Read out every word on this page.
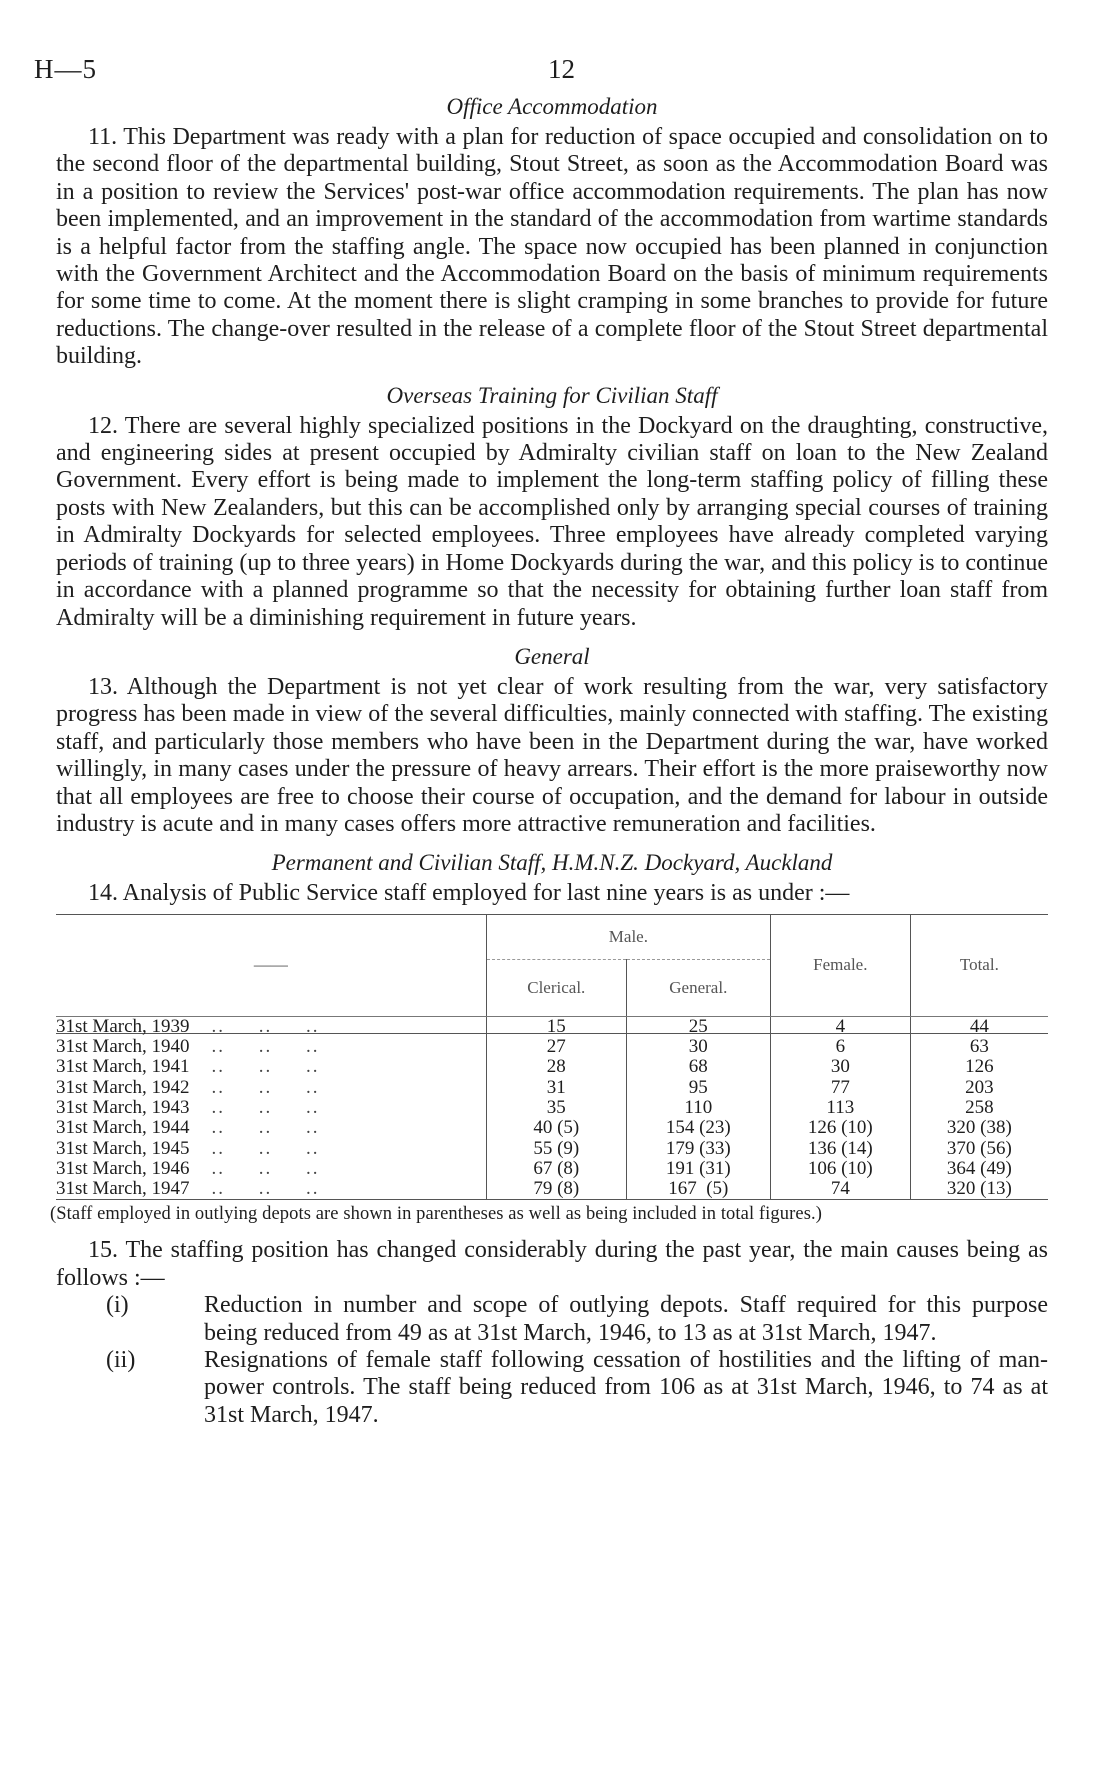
H—5	12
Office Accommodation

11. This Department was ready with a plan for reduction of space occupied and consolidation on to the second floor of the departmental building, Stout Street, as soon as the Accommodation Board was in a position to review the Services' post-war office accommodation requirements. The plan has now been implemented, and an improvement in the standard of the accommodation from wartime standards is a helpful factor from the staffing angle. The space now occupied has been planned in conjunction with the Government Architect and the Accommodation Board on the basis of minimum requirements for some time to come. At the moment there is slight cramping in some branches to provide for future reductions. The change-over resulted in the release of a complete floor of the Stout Street departmental building.

Overseas Training for Civilian Staff

12. There are several highly specialized positions in the Dockyard on the draughting, constructive, and engineering sides at present occupied by Admiralty civilian staff on loan to the New Zealand Government. Every effort is being made to implement the long-term staffing policy of filling these posts with New Zealanders, but this can be accomplished only by arranging special courses of training in Admiralty Dockyards for selected employees. Three employees have already completed varying periods of training (up to three years) in Home Dockyards during the war, and this policy is to continue in accordance with a planned programme so that the necessity for obtaining further loan staff from Admiralty will be a diminishing requirement in future years.

General

13. Although the Department is not yet clear of work resulting from the war, very satisfactory progress has been made in view of the several difficulties, mainly connected with staffing. The existing staff, and particularly those members who have been in the Department during the war, have worked willingly, in many cases under the pressure of heavy arrears. Their effort is the more praiseworthy now that all employees are free to choose their course of occupation, and the demand for labour in outside industry is acute and in many cases offers more attractive remuneration and facilities.

Permanent and Civilian Staff, H.M.N.Z. Dockyard, Auckland

14. Analysis of Public Service staff employed for last nine years is as under :—

——	Male.		Female.	Total.
	Clerical.	General.		

31st March, 1939 ..     ..     ..	15	25	4	44
31st March, 1940 ..     ..     ..	27	30	6	63
31st March, 1941 ..     ..     ..	28	68	30	126
31st March, 1942 ..     ..     ..	31	95	77	203
31st March, 1943 ..     ..     ..	35	110	113	258
31st March, 1944 ..     ..     ..	40 (5)	154 (23)	126 (10)	320 (38)
31st March, 1945 ..     ..     ..	55 (9)	179 (33)	136 (14)	370 (56)
31st March, 1946 ..     ..     ..	67 (8)	191 (31)	106 (10)	364 (49)
31st March, 1947 ..     ..     ..	79 (8)	167  (5)	74	320 (13)
(Staff employed in outlying depots are shown in parentheses as well as being included in total figures.)

15. The staffing position has changed considerably during the past year, the main causes being as follows :—

(i)	Reduction in number and scope of outlying depots. Staff required for this purpose being reduced from 49 as at 31st March, 1946, to 13 as at 31st March, 1947.
(ii)	Resignations of female staff following cessation of hostilities and the lifting of man-power controls. The staff being reduced from 106 as at 31st March, 1946, to 74 as at 31st March, 1947.
